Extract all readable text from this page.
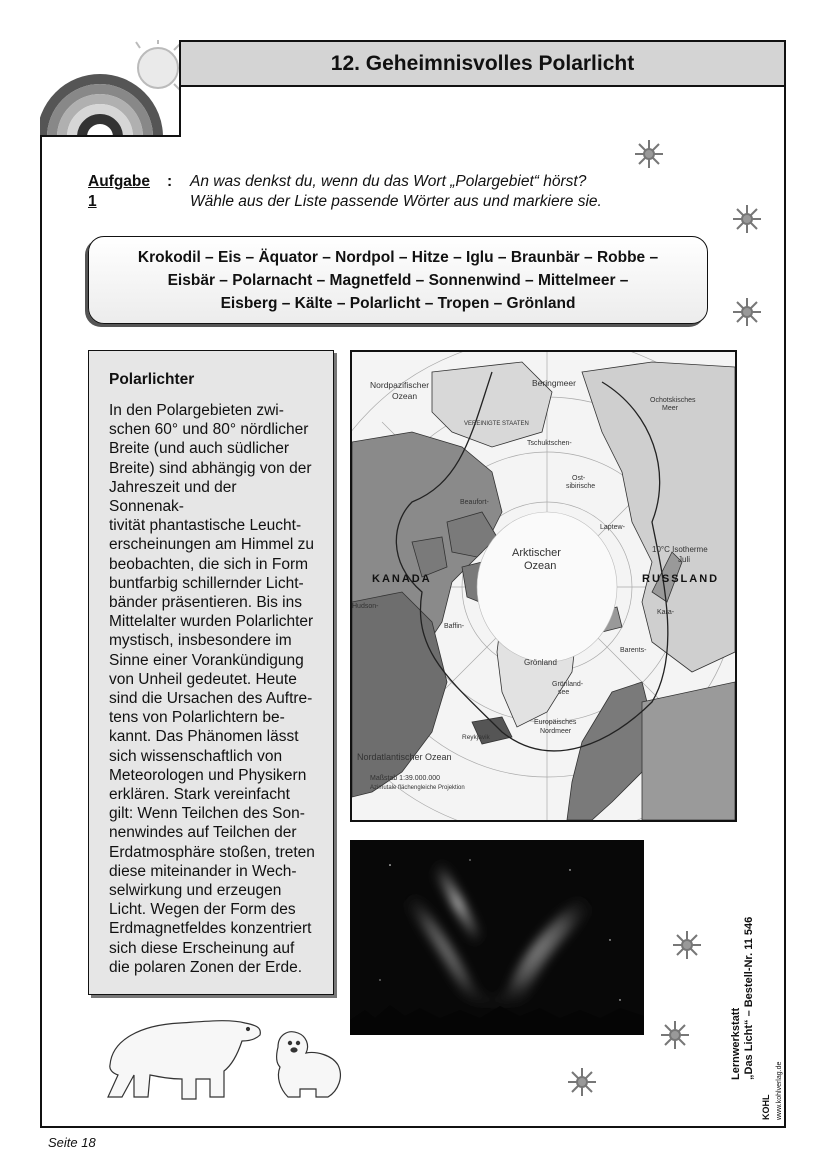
12. Geheimnisvolles Polarlicht
Aufgabe 1
: An was denkst du, wenn du das Wort „Polargebiet“ hörst?
Wähle aus der Liste passende Wörter aus und markiere sie.
Krokodil – Eis – Äquator – Nordpol – Hitze – Iglu – Braunbär – Robbe –
Eisbär – Polarnacht – Magnetfeld – Sonnenwind – Mittelmeer –
Eisberg – Kälte – Polarlicht – Tropen – Grönland
Polarlichter

In den Polargebieten zwi-
schen 60° und 80° nördlicher
Breite (und auch südlicher
Breite) sind abhängig von der
Jahreszeit und der Sonnenak-
tivität phantastische Leucht-
erscheinungen am Himmel zu
beobachten, die sich in Form
buntfarbig schillernder Licht-
bänder präsentieren. Bis ins
Mittelalter wurden Polarlichter
mystisch, insbesondere im
Sinne einer Vorankündigung
von Unheil gedeutet. Heute
sind die Ursachen des Auftre-
tens von Polarlichtern be-
kannt. Das Phänomen lässt
sich wissenschaftlich von
Meteorologen und Physikern
erklären. Stark vereinfacht
gilt: Wenn Teilchen des Son-
nenwindes auf Teilchen der
Erdatmosphäre stoßen, treten
diese miteinander in Wech-
selwirkung und erzeugen
Licht. Wegen der Form des
Erdmagnetfeldes konzentriert
sich diese Erscheinung auf
die polaren Zonen der Erde.

Nordpazifischer
Ozean
Beringmeer
Ochotskisches
Meer
VEREINIGTE STAATEN
Tschuktschen-
Ost-
sibirische
Beaufort-
Laptew-
10°C Isotherme
Juli
Arktischer
Ozean
KANADA	RUSSLAND
Kara-
Barents-
Hudson-
Baffin-
Grönland
Grönland-
see
Europäisches
Nordmeer
Reykjavik
Nordatlantischer Ozean
Maßstab 1:39.000.000
Azimutale flächengleiche Projektion
Lernwerkstatt „Das Licht“ – Bestell-Nr. 11 546
KOHL www.kohlverlag.de
Seite 18
